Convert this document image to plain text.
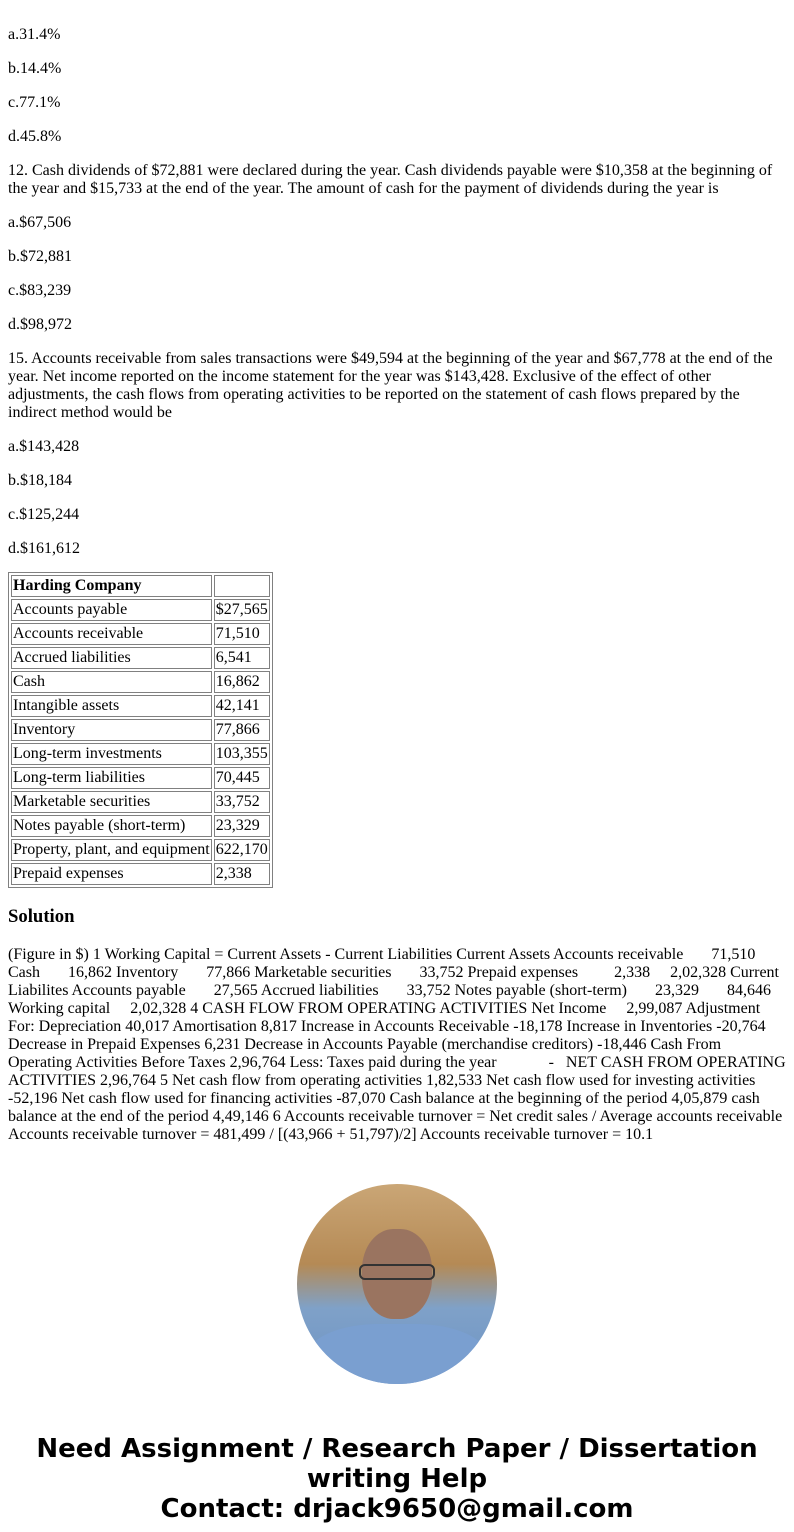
a.31.4%

b.14.4%

c.77.1%

d.45.8%

12. Cash dividends of $72,881 were declared during the year. Cash dividends payable were $10,358 at the beginning of the year and $15,733 at the end of the year. The amount of cash for the payment of dividends during the year is

a.$67,506

b.$72,881

c.$83,239

d.$98,972

15. Accounts receivable from sales transactions were $49,594 at the beginning of the year and $67,778 at the end of the year. Net income reported on the income statement for the year was $143,428. Exclusive of the effect of other adjustments, the cash flows from operating activities to be reported on the statement of cash flows prepared by the indirect method would be

a.$143,428

b.$18,184

c.$125,244

d.$161,612

Harding Company	
Accounts payable	$27,565
Accounts receivable	71,510
Accrued liabilities	6,541
Cash	16,862
Intangible assets	42,141
Inventory	77,866
Long-term investments	103,355
Long-term liabilities	70,445
Marketable securities	33,752
Notes payable (short-term)	23,329
Property, plant, and equipment	622,170
Prepaid expenses	2,338
Solution

(Figure in $) 1 Working Capital = Current Assets - Current Liabilities Current Assets Accounts receivable       71,510 Cash       16,862 Inventory       77,866 Marketable securities       33,752 Prepaid expenses         2,338     2,02,328 Current Liabilites Accounts payable       27,565 Accrued liabilities       33,752 Notes payable (short-term)       23,329       84,646 Working capital     2,02,328 4 CASH FLOW FROM OPERATING ACTIVITIES Net Income     2,99,087 Adjustment For: Depreciation 40,017 Amortisation 8,817 Increase in Accounts Receivable -18,178 Increase in Inventories -20,764 Decrease in Prepaid Expenses 6,231 Decrease in Accounts Payable (merchandise creditors) -18,446 Cash From Operating Activities Before Taxes 2,96,764 Less: Taxes paid during the year             -   NET CASH FROM OPERATING ACTIVITIES 2,96,764 5 Net cash flow from operating activities 1,82,533 Net cash flow used for investing activities -52,196 Net cash flow used for financing activities -87,070 Cash balance at the beginning of the period 4,05,879 cash balance at the end of the period 4,49,146 6 Accounts receivable turnover = Net credit sales / Average accounts receivable Accounts receivable turnover = 481,499 / [(43,966 + 51,797)/2] Accounts receivable turnover = 10.1

Need Assignment / Research Paper / Dissertation writing Help
Contact: drjack9650@gmail.com
